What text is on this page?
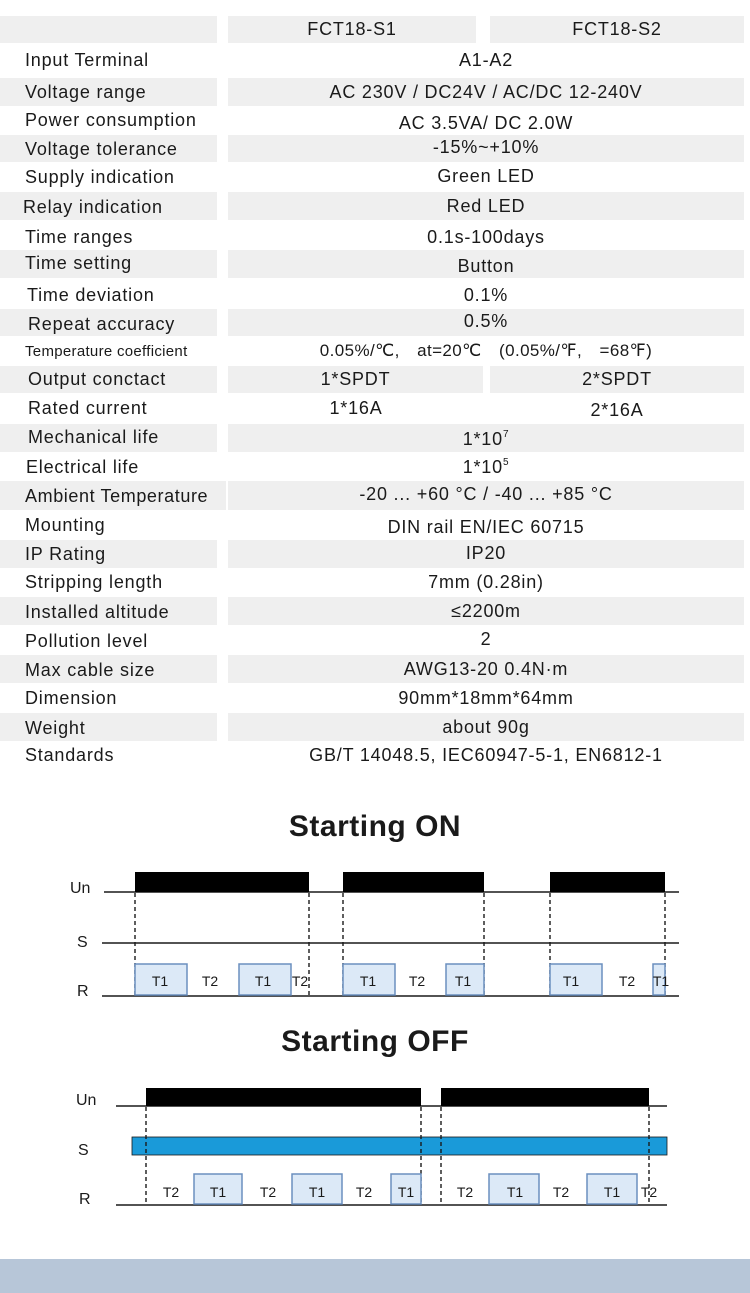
FCT18-S1	FCT18-S2
Input Terminal	A1-A2
Voltage range	AC 230V / DC24V / AC/DC 12-240V
Power consumption	AC 3.5VA/ DC 2.0W
Voltage tolerance	-15%~+10%
Supply indication	Green LED
Relay indication	Red LED
Time ranges	0.1s-100days
Time setting	Button
Time deviation	0.1%
Repeat accuracy	0.5%
Temperature coefficient	0.05%/℃,　at=20℃　(0.05%/℉,　=68℉)
Output conctact	1*SPDT	2*SPDT
Rated current	1*16A	2*16A
Mechanical life	$1*10^7$
Electrical life	$1*10^5$
Ambient Temperature	-20 ... +60 °C / -40 ... +85 °C
Mounting	DIN rail EN/IEC 60715
IP Rating	IP20
Stripping length	7mm (0.28in)
Installed altitude	≤2200m
Pollution level	2
Max cable size	AWG13-20 0.4N·m
Dimension	90mm*18mm*64mm
Weight	about 90g
Standards	GB/T 14048.5, IEC60947-5-1, EN6812-1
Starting ON
Un
S
R
T1 T2	T1 T2	T1 T2 T1	T1	T2 T1
Starting OFF
Un
S
R	T2 T1 T2 T1 T2 T1	T2 T1 T2 T1 T2
